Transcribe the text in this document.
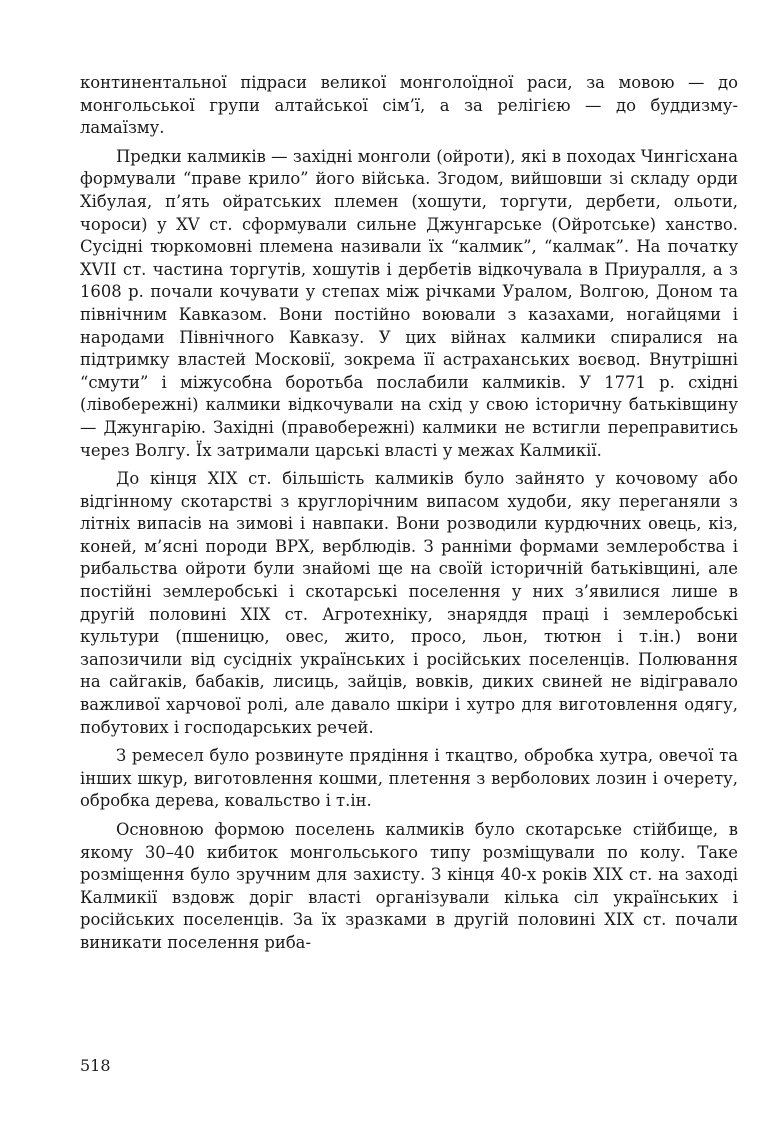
континентальної підраси великої монголоїдної раси, за мовою — до монгольської групи алтайської сім’ї, а за релігією — до буддизму-ламаїзму.

Предки калмиків — західні монголи (ойроти), які в походах Чингісхана формували “праве крило” його війська. Згодом, вийшовши зі складу орди Хібулая, п’ять ойратських племен (хошути, торгути, дербети, ольоти, чороси) у XV ст. сформували сильне Джунгарське (Ойротське) ханство. Сусідні тюркомовні племена називали їх “калмик”, “калмак”. На початку XVII ст. частина торгутів, хошутів і дербетів відкочувала в Приуралля, а з 1608 р. почали кочувати у степах між річками Уралом, Волгою, Доном та північним Кавказом. Вони постійно воювали з казахами, ногайцями і народами Північного Кавказу. У цих війнах калмики спиралися на підтримку властей Московії, зокрема її астраханських воєвод. Внутрішні “смути” і міжусобна боротьба послабили калмиків. У 1771 р. східні (лівобережні) калмики відкочували на схід у свою історичну батьківщину — Джунгарію. Західні (правобережні) калмики не встигли переправитись через Волгу. Їх затримали царські власті у межах Калмикії.

До кінця XIX ст. більшість калмиків було зайнято у кочовому або відгінному скотарстві з круглорічним випасом худоби, яку переганяли з літніх випасів на зимові і навпаки. Вони розводили курдючних овець, кіз, коней, м’ясні породи ВРХ, верблюдів. З ранніми формами землеробства і рибальства ойроти були знайомі ще на своїй історичній батьківщині, але постійні землеробські і скотарські поселення у них з’явилися лише в другій половині XIX ст. Агротехніку, знаряддя праці і землеробські культури (пшеницю, овес, жито, просо, льон, тютюн і т.ін.) вони запозичили від сусідніх українських і російських поселенців. Полювання на сайгаків, бабаків, лисиць, зайців, вовків, диких свиней не відігравало важливої харчової ролі, але давало шкіри і хутро для виготовлення одягу, побутових і господарських речей.

З ремесел було розвинуте прядіння і ткацтво, обробка хутра, овечої та інших шкур, виготовлення кошми, плетення з верболових лозин і очерету, обробка дерева, ковальство і т.ін.

Основною формою поселень калмиків було скотарське стійбище, в якому 30–40 кибиток монгольського типу розміщували по колу. Таке розміщення було зручним для захисту. З кінця 40-х років XIX ст. на заході Калмикії вздовж доріг власті організували кілька сіл українських і російських поселенців. За їх зразками в другій половині XIX ст. почали виникати поселення риба-

518
